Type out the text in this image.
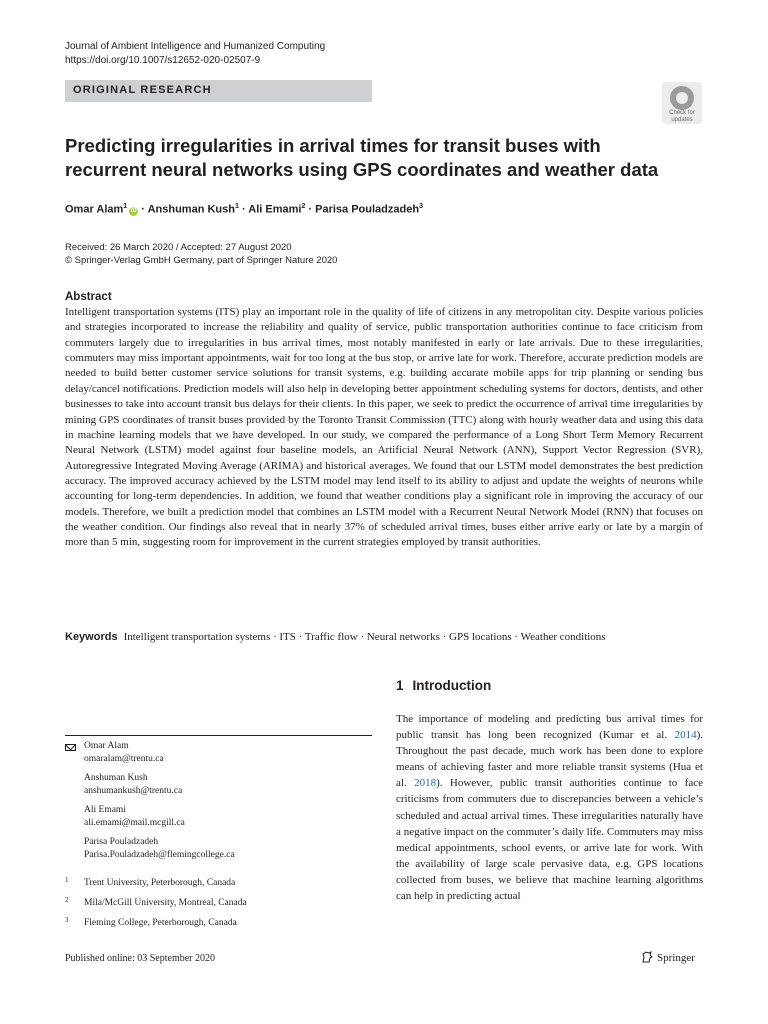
Journal of Ambient Intelligence and Humanized Computing
https://doi.org/10.1007/s12652-020-02507-9
ORIGINAL RESEARCH
Check for
updates
Predicting irregularities in arrival times for transit buses with recurrent neural networks using GPS coordinates and weather data
Omar Alam$^1$iD · Anshuman Kush$^1$ · Ali Emami$^2$ · Parisa Pouladzadeh$^3$
Received: 26 March 2020 / Accepted: 27 August 2020
© Springer-Verlag GmbH Germany, part of Springer Nature 2020
Abstract
Intelligent transportation systems (ITS) play an important role in the quality of life of citizens in any metropolitan city. Despite various policies and strategies incorporated to increase the reliability and quality of service, public transportation authorities continue to face criticism from commuters largely due to irregularities in bus arrival times, most notably manifested in early or late arrivals. Due to these irregularities, commuters may miss important appointments, wait for too long at the bus stop, or arrive late for work. Therefore, accurate prediction models are needed to build better customer service solutions for transit systems, e.g. building accurate mobile apps for trip planning or sending bus delay/cancel notifications. Prediction models will also help in developing better appointment scheduling systems for doctors, dentists, and other businesses to take into account transit bus delays for their clients. In this paper, we seek to predict the occurrence of arrival time irregularities by mining GPS coordinates of transit buses provided by the Toronto Transit Commission (TTC) along with hourly weather data and using this data in machine learning models that we have developed. In our study, we compared the performance of a Long Short Term Memory Recurrent Neural Network (LSTM) model against four baseline models, an Artificial Neural Network (ANN), Support Vector Regression (SVR), Autoregressive Integrated Moving Average (ARIMA) and historical averages. We found that our LSTM model demonstrates the best prediction accuracy. The improved accuracy achieved by the LSTM model may lend itself to its ability to adjust and update the weights of neurons while accounting for long-term dependencies. In addition, we found that weather conditions play a significant role in improving the accuracy of our models. Therefore, we built a prediction model that combines an LSTM model with a Recurrent Neural Network Model (RNN) that focuses on the weather condition. Our findings also reveal that in nearly 37% of scheduled arrival times, buses either arrive early or late by a margin of more than 5 min, suggesting room for improvement in the current strategies employed by transit authorities.
Keywords Intelligent transportation systems · ITS · Traffic flow · Neural networks · GPS locations · Weather conditions
1 Introduction
The importance of modeling and predicting bus arrival times for public transit has long been recognized (Kumar et al. 2014). Throughout the past decade, much work has been done to explore means of achieving faster and more reliable transit systems (Hua et al. 2018). However, public transit authorities continue to face criticisms from commuters due to discrepancies between a vehicle’s scheduled and actual arrival times. These irregularities naturally have a negative impact on the commuter’s daily life. Commuters may miss medical appointments, school events, or arrive late for work. With the availability of large scale pervasive data, e.g. GPS locations collected from buses, we believe that machine learning algorithms can help in predicting actual
Omar Alam
omaralam@trentu.ca
Anshuman Kush
anshumankush@trentu.ca
Ali Emami
ali.emami@mail.mcgill.ca
Parisa Pouladzadeh
Parisa.Pouladzadeh@flemingcollege.ca
1 Trent University, Peterborough, Canada
2 Mila/McGill University, Montreal, Canada
3 Fleming College, Peterborough, Canada
Published online: 03 September 2020	Springer
